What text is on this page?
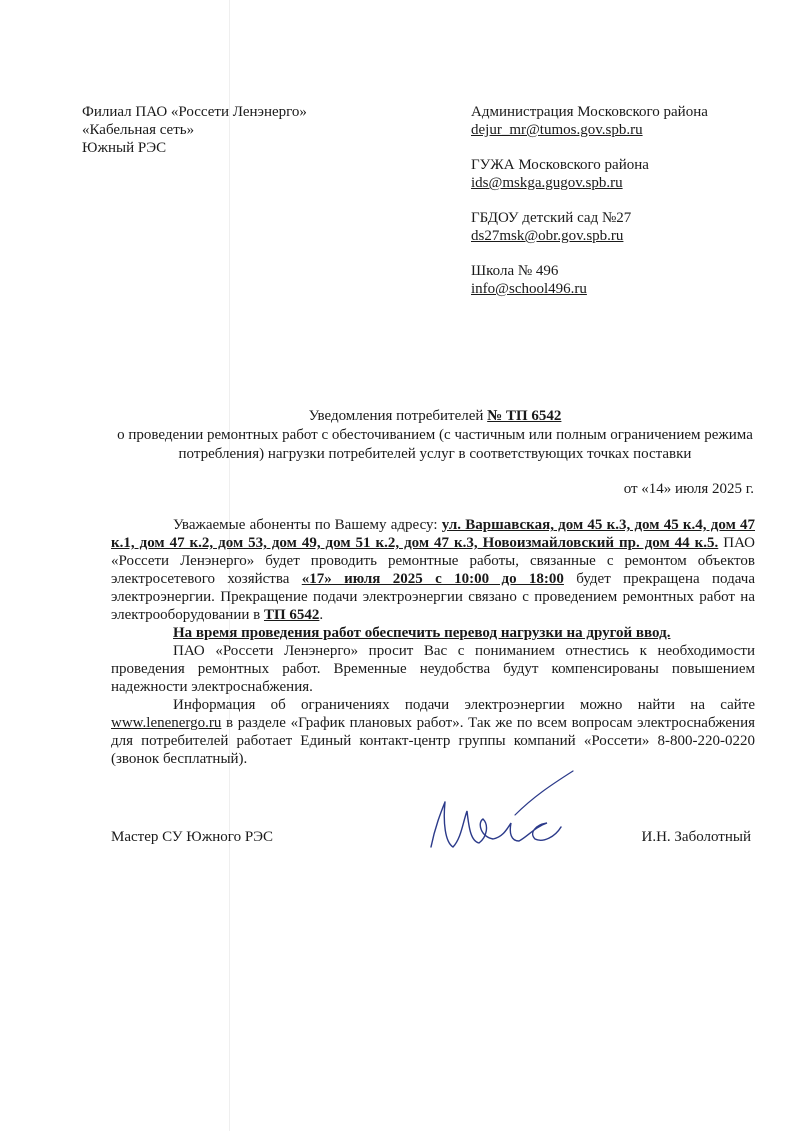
Филиал ПАО «Россети Ленэнерго»
«Кабельная сеть»
Южный РЭС
Администрация Московского района
dejur_mr@tumos.gov.spb.ru
ГУЖА Московского района
ids@mskga.gugov.spb.ru
ГБДОУ детский сад №27
ds27msk@obr.gov.spb.ru
Школа № 496
info@school496.ru
Уведомления потребителей № ТП 6542
о проведении ремонтных работ с обесточиванием (с частичным или полным ограничением режима потребления) нагрузки потребителей услуг в соответствующих точках поставки
от «14» июля 2025 г.

Уважаемые абоненты по Вашему адресу: ул. Варшавская, дом 45 к.3, дом 45 к.4, дом 47 к.1, дом 47 к.2, дом 53, дом 49, дом 51 к.2, дом 47 к.3, Новоизмайловский пр. дом 44 к.5. ПАО «Россети Ленэнерго» будет проводить ремонтные работы, связанные с ремонтом объектов электросетевого хозяйства «17» июля 2025 с 10:00 до 18:00 будет прекращена подача электроэнергии. Прекращение подачи электроэнергии связано с проведением ремонтных работ на электрооборудовании в ТП 6542.

На время проведения работ обеспечить перевод нагрузки на другой ввод.

ПАО «Россети Ленэнерго» просит Вас с пониманием отнестись к необходимости проведения ремонтных работ. Временные неудобства будут компенсированы повышением надежности электроснабжения.

Информация об ограничениях подачи электроэнергии можно найти на сайте www.lenenergo.ru в разделе «График плановых работ». Так же по всем вопросам электроснабжения для потребителей работает Единый контакт-центр группы компаний «Россети» 8-800-220-0220 (звонок бесплатный).

Мастер СУ Южного РЭС	И.Н. Заболотный
